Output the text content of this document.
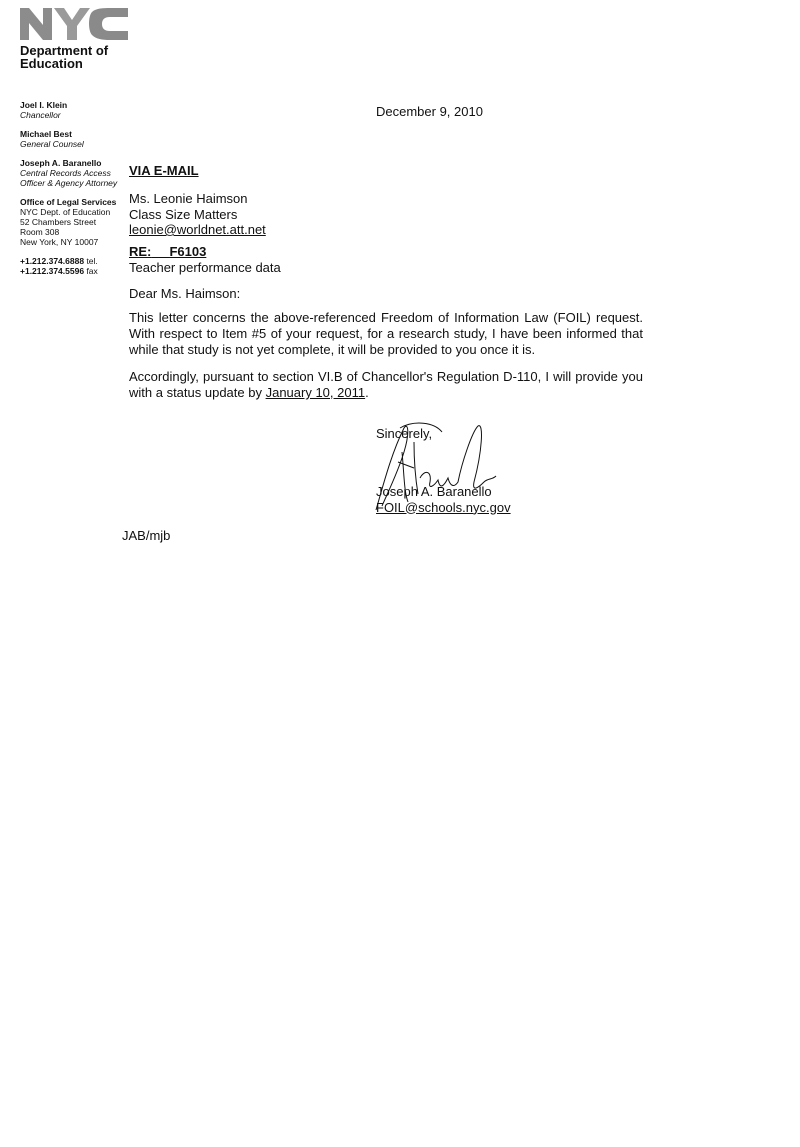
Department of
Education
Joel I. Klein
Chancellor
Michael Best
General Counsel
Joseph A. Baranello
Central Records Access
Officer & Agency Attorney
Office of Legal Services
NYC Dept. of Education
52 Chambers Street
Room 308
New York, NY 10007
+1.212.374.6888 tel.
+1.212.374.5596 fax
December 9, 2010
VIA E-MAIL
Ms. Leonie Haimson
Class Size Matters
leonie@worldnet.att.net
RE: F6103
Teacher performance data
Dear Ms. Haimson:
This letter concerns the above-referenced Freedom of Information Law (FOIL) request. With respect to Item #5 of your request, for a research study, I have been informed that while that study is not yet complete, it will be provided to you once it is.
Accordingly, pursuant to section VI.B of Chancellor's Regulation D-110, I will provide you with a status update by January 10, 2011.
Sincerely,
Joseph A. Baranello
FOIL@schools.nyc.gov
JAB/mjb
